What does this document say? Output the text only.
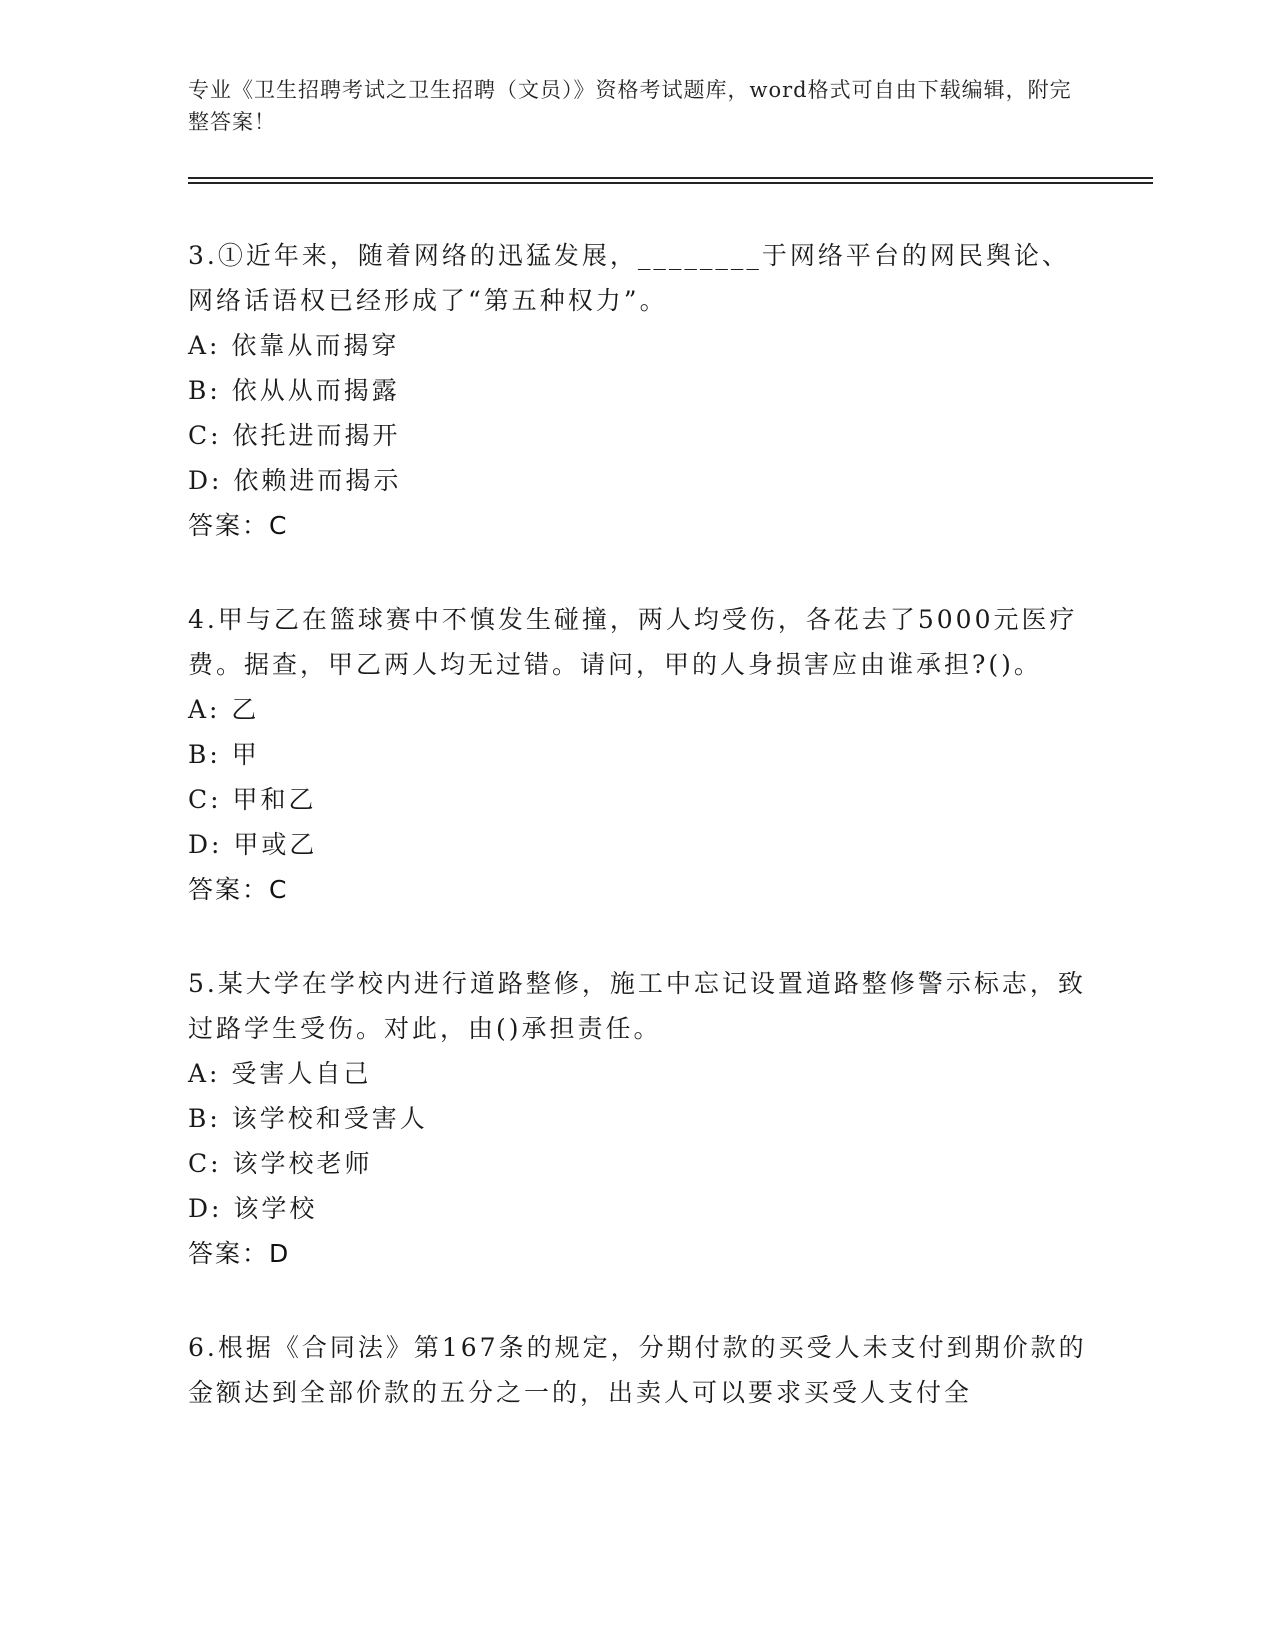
专业《卫生招聘考试之卫生招聘（文员）》资格考试题库，word格式可自由下载编辑，附完整答案！
3.①近年来，随着网络的迅猛发展，________于网络平台的网民舆论、网络话语权已经形成了“第五种权力”。
A: 依靠从而揭穿
B: 依从从而揭露
C: 依托进而揭开
D: 依赖进而揭示
答案：C
4.甲与乙在篮球赛中不慎发生碰撞，两人均受伤，各花去了5000元医疗费。据查，甲乙两人均无过错。请问，甲的人身损害应由谁承担?()。
A: 乙
B: 甲
C: 甲和乙
D: 甲或乙
答案：C
5.某大学在学校内进行道路整修，施工中忘记设置道路整修警示标志，致过路学生受伤。对此，由()承担责任。
A: 受害人自己
B: 该学校和受害人
C: 该学校老师
D: 该学校
答案：D
6.根据《合同法》第167条的规定，分期付款的买受人未支付到期价款的金额达到全部价款的五分之一的，出卖人可以要求买受人支付全
